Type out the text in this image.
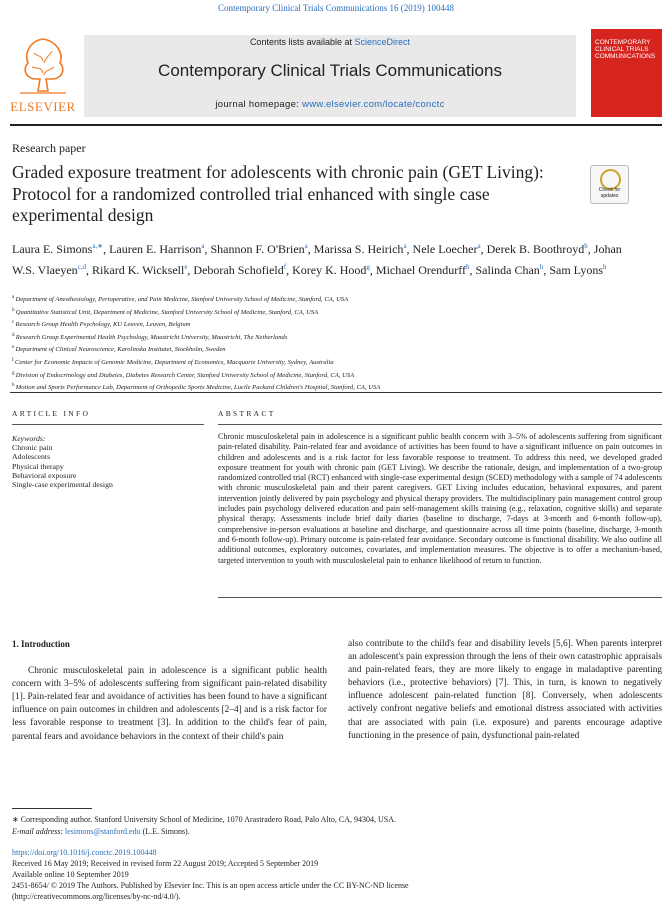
Contemporary Clinical Trials Communications 16 (2019) 100448
ELSEVIER
Contents lists available at ScienceDirect
Contemporary Clinical Trials Communications
journal homepage: www.elsevier.com/locate/conctc
CONTEMPORARY CLINICAL TRIALS COMMUNICATIONS
Research paper
Graded exposure treatment for adolescents with chronic pain (GET Living): Protocol for a randomized controlled trial enhanced with single case experimental design
Check for
updates
Laura E. Simons$^{a,∗}$, Lauren E. Harrison$^a$, Shannon F. O'Brien$^a$, Marissa S. Heirich$^a$, Nele Loecher$^a$, Derek B. Boothroyd$^b$, Johan W.S. Vlaeyen$^{c,d}$, Rikard K. Wicksell$^e$, Deborah Schofield$^f$, Korey K. Hood$^g$, Michael Orendurff$^h$, Salinda Chan$^h$, Sam Lyons$^h$
$^a$ Department of Anesthesiology, Perioperative, and Pain Medicine, Stanford University School of Medicine, Stanford, CA, USA
$^b$ Quantitative Statistical Unit, Department of Medicine, Stanford University School of Medicine, Stanford, CA, USA
$^c$ Research Group Health Psychology, KU Leuven, Leuven, Belgium
$^d$ Research Group Experimental Health Psychology, Maastricht University, Maastricht, The Netherlands
$^e$ Department of Clinical Neuroscience, Karolinska Institutet, Stockholm, Sweden
$^f$ Center for Economic Impacts of Genomic Medicine, Department of Economics, Macquarie University, Sydney, Australia
$^g$ Division of Endocrinology and Diabetes, Diabetes Research Center, Stanford University School of Medicine, Stanford, CA, USA
$^h$ Motion and Sports Performance Lab, Department of Orthopedic Sports Medicine, Lucile Packard Children's Hospital, Stanford, CA, USA
ARTICLE INFO	ABSTRACT
Keywords:
Chronic pain
Adolescents
Physical therapy
Behavioral exposure
Single-case experimental design
Chronic musculoskeletal pain in adolescence is a significant public health concern with 3–5% of adolescents suffering from significant pain-related disability. Pain-related fear and avoidance of activities has been found to have a significant influence on pain outcomes in children and adolescents and is a risk factor for less favorable response to treatment. To address this need, we developed graded exposure treatment for youth with chronic pain (GET Living). We describe the rationale, design, and implementation of a two-group randomized controlled trial (RCT) enhanced with single-case experimental design (SCED) methodology with a sample of 74 adolescents with chronic musculoskeletal pain and their parent caregivers. GET Living includes education, behavioral exposures, and parent intervention jointly delivered by pain psychology and physical therapy providers. The multidisciplinary pain management control group includes pain psychology delivered education and pain self-management skills training (e.g., relaxation, cognitive skills) and separate physical therapy. Assessments include brief daily diaries (baseline to discharge, 7-days at 3-month and 6-month follow-up), comprehensive in-person evaluations at baseline and discharge, and questionnaire across all time points (baseline, discharge, 3-month and 6-month follow-up). Primary outcome is pain-related fear avoidance. Secondary outcome is functional disability. We also outline all additional outcomes, exploratory outcomes, covariates, and implementation measures. The objective is to offer a mechanism-based, targeted intervention to youth with musculoskeletal pain to enhance likelihood of return to function.
1. Introduction

Chronic musculoskeletal pain in adolescence is a significant public health concern with 3–5% of adolescents suffering from significant pain-related disability [1]. Pain-related fear and avoidance of activities has been found to have a significant influence on pain outcomes in children and adolescents [2–4] and is a risk factor for less favorable response to treatment [3]. In addition to the child's fear of pain, parental fears and avoidance behaviors in the context of their child's pain

also contribute to the child's fear and disability levels [5,6]. When parents interpret an adolescent's pain expression through the lens of their own catastrophic appraisals and pain-related fears, they are more likely to engage in maladaptive parenting behaviors (i.e., protective behaviors) [7]. This, in turn, is known to negatively influence adolescent pain-related function [8]. Conversely, when adolescents actively confront negative beliefs and emotional distress associated with activities that are associated with pain (i.e. exposure) and parents encourage adaptive functioning in the presence of pain, dysfunctional pain-related

∗ Corresponding author. Stanford University School of Medicine, 1070 Arastradero Road, Palo Alto, CA, 94304, USA.
E-mail address: lesimons@stanford.edu (L.E. Simons).
https://doi.org/10.1016/j.conctc.2019.100448
Received 16 May 2019; Received in revised form 22 August 2019; Accepted 5 September 2019
Available online 10 September 2019
2451-8654/ © 2019 The Authors. Published by Elsevier Inc. This is an open access article under the CC BY-NC-ND license
(http://creativecommons.org/licenses/by-nc-nd/4.0/).
